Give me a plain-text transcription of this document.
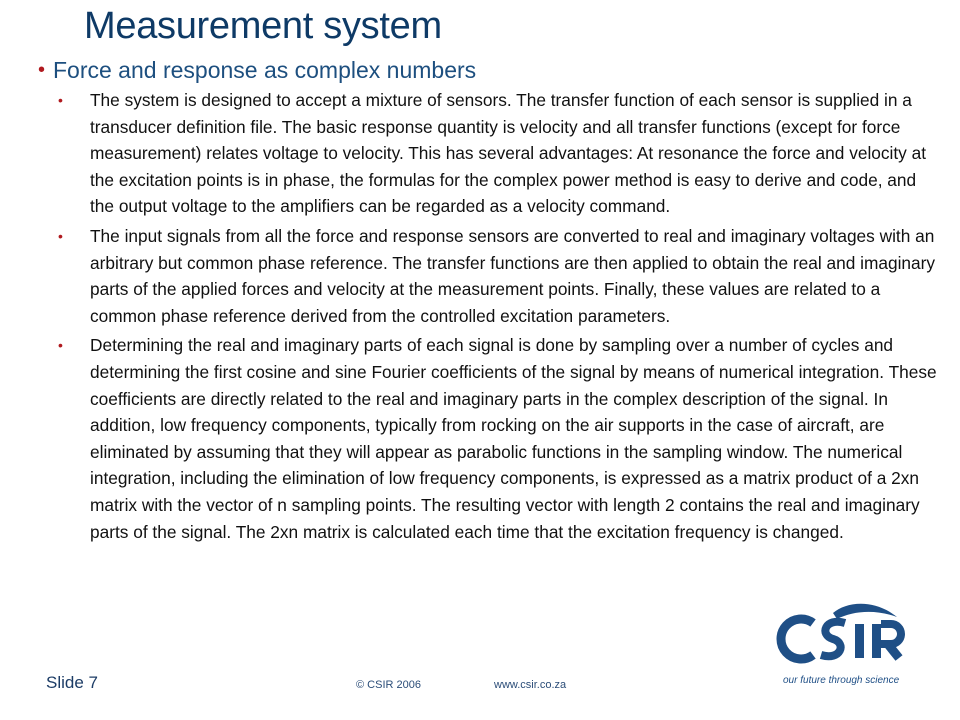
Measurement system
• Force and response as complex numbers
• The system is designed to accept a mixture of sensors. The transfer function of each sensor is supplied in a transducer definition file. The basic response quantity is velocity and all transfer functions (except for force measurement) relates voltage to velocity. This has several advantages: At resonance the force and velocity at the excitation points is in phase, the formulas for the complex power method is easy to derive and code, and the output voltage to the amplifiers can be regarded as a velocity command.
• The input signals from all the force and response sensors are converted to real and imaginary voltages with an arbitrary but common phase reference. The transfer functions are then applied to obtain the real and imaginary parts of the applied forces and velocity at the measurement points. Finally, these values are related to a common phase reference derived from the controlled excitation parameters.
• Determining the real and imaginary parts of each signal is done by sampling over a number of cycles and determining the first cosine and sine Fourier coefficients of the signal by means of numerical integration. These coefficients are directly related to the real and imaginary parts in the complex description of the signal. In addition, low frequency components, typically from rocking on the air supports in the case of aircraft, are eliminated by assuming that they will appear as parabolic functions in the sampling window. The numerical integration, including the elimination of low frequency components, is expressed as a matrix product of a 2xn matrix with the vector of n sampling points. The resulting vector with length 2 contains the real and imaginary parts of the signal. The 2xn matrix is calculated each time that the excitation frequency is changed.
Slide 7	© CSIR 2006	www.csir.co.za	our future through science
